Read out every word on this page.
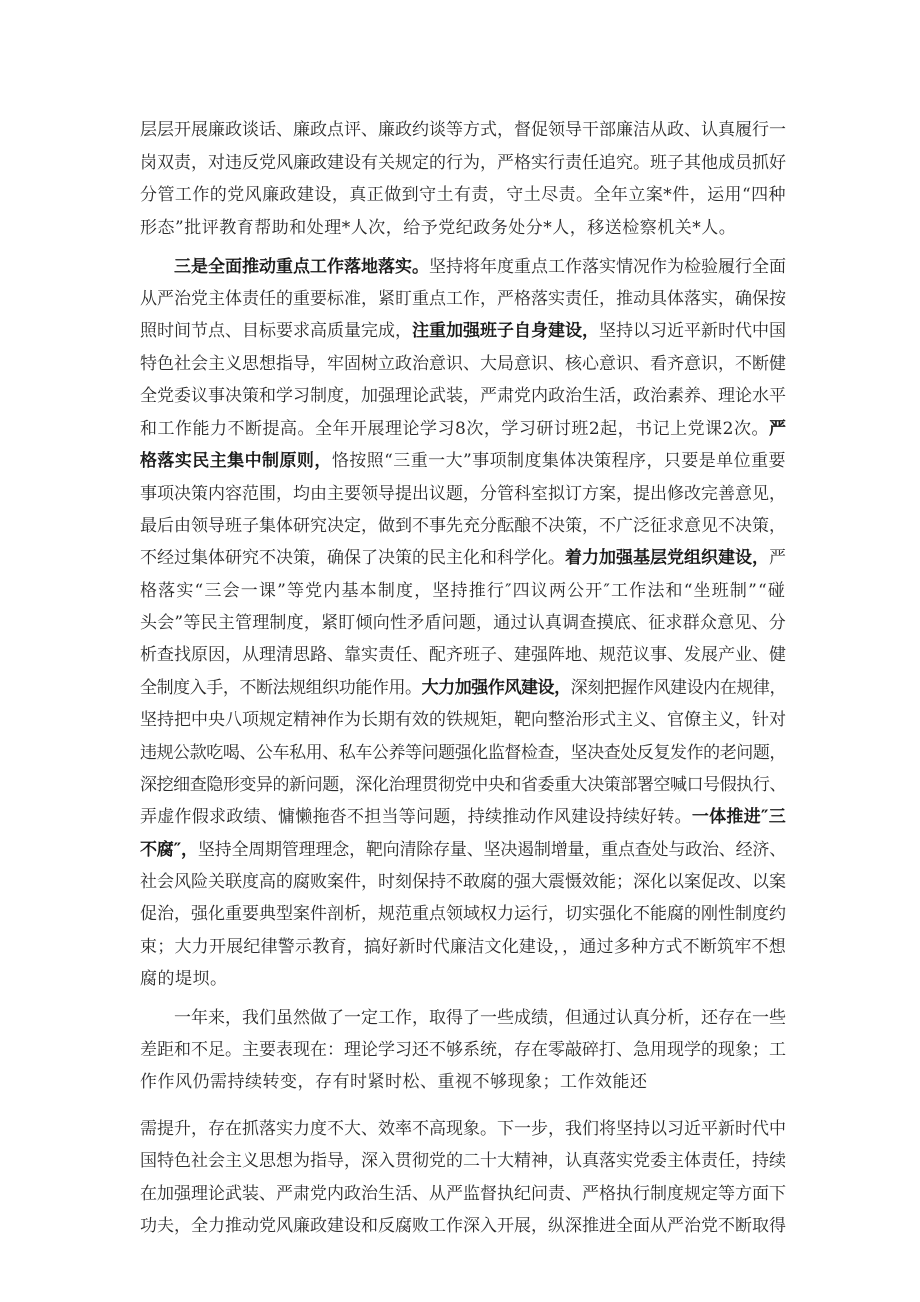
层层开展廉政谈话、廉政点评、廉政约谈等方式，督促领导干部廉洁从政、认真履行一
岗双责，对违反党风廉政建设有关规定的行为，严格实行责任追究。班子其他成员抓好
分管工作的党风廉政建设，真正做到守土有责，守土尽责。全年立案*件，运用“四种
形态”批评教育帮助和处理*人次，给予党纪政务处分*人，移送检察机关*人。
三是全面推动重点工作落地落实。坚持将年度重点工作落实情况作为检验履行全面
从严治党主体责任的重要标准，紧盯重点工作，严格落实责任，推动具体落实，确保按
照时间节点、目标要求高质量完成，注重加强班子自身建设，坚持以习近平新时代中国
特色社会主义思想指导，牢固树立政治意识、大局意识、核心意识、看齐意识，不断健
全党委议事决策和学习制度，加强理论武装，严肃党内政治生活，政治素养、理论水平
和工作能力不断提高。全年开展理论学习8次，学习研讨班2起，书记上党课2次。严
格落实民主集中制原则，恪按照“三重一大”事项制度集体决策程序，只要是单位重要
事项决策内容范围，均由主要领导提出议题，分管科室拟订方案，提出修改完善意见，
最后由领导班子集体研究决定，做到不事先充分酝酿不决策，不广泛征求意见不决策，
不经过集体研究不决策，确保了决策的民主化和科学化。着力加强基层党组织建设，严
格落实“三会一课”等党内基本制度，坚持推行″四议两公开″工作法和“坐班制”“碰
头会”等民主管理制度，紧盯倾向性矛盾问题，通过认真调查摸底、征求群众意见、分
析查找原因，从理清思路、靠实责任、配齐班子、建强阵地、规范议事、发展产业、健
全制度入手，不断法规组织功能作用。大力加强作风建设，深刻把握作风建设内在规律，
坚持把中央八项规定精神作为长期有效的铁规矩，靶向整治形式主义、官僚主义，针对
违规公款吃喝、公车私用、私车公养等问题强化监督检查，坚决查处反复发作的老问题，
深挖细查隐形变异的新问题，深化治理贯彻党中央和省委重大决策部署空喊口号假执行、
弄虚作假求政绩、慵懒拖沓不担当等问题，持续推动作风建设持续好转。一体推进″三
不腐″，坚持全周期管理理念，靶向清除存量、坚决遏制增量，重点查处与政治、经济、
社会风险关联度高的腐败案件，时刻保持不敢腐的强大震慑效能；深化以案促改、以案
促治，强化重要典型案件剖析，规范重点领域权力运行，切实强化不能腐的刚性制度约
束；大力开展纪律警示教育，搞好新时代廉洁文化建设，，通过多种方式不断筑牢不想
腐的堤坝。
一年来，我们虽然做了一定工作，取得了一些成绩，但通过认真分析，还存在一些
差距和不足。主要表现在：理论学习还不够系统，存在零敲碎打、急用现学的现象；工
作作风仍需持续转变，存有时紧时松、重视不够现象；工作效能还
需提升，存在抓落实力度不大、效率不高现象。下一步，我们将坚持以习近平新时代中
国特色社会主义思想为指导，深入贯彻党的二十大精神，认真落实党委主体责任，持续
在加强理论武装、严肃党内政治生活、从严监督执纪问责、严格执行制度规定等方面下
功夫，全力推动党风廉政建设和反腐败工作深入开展，纵深推进全面从严治党不断取得
